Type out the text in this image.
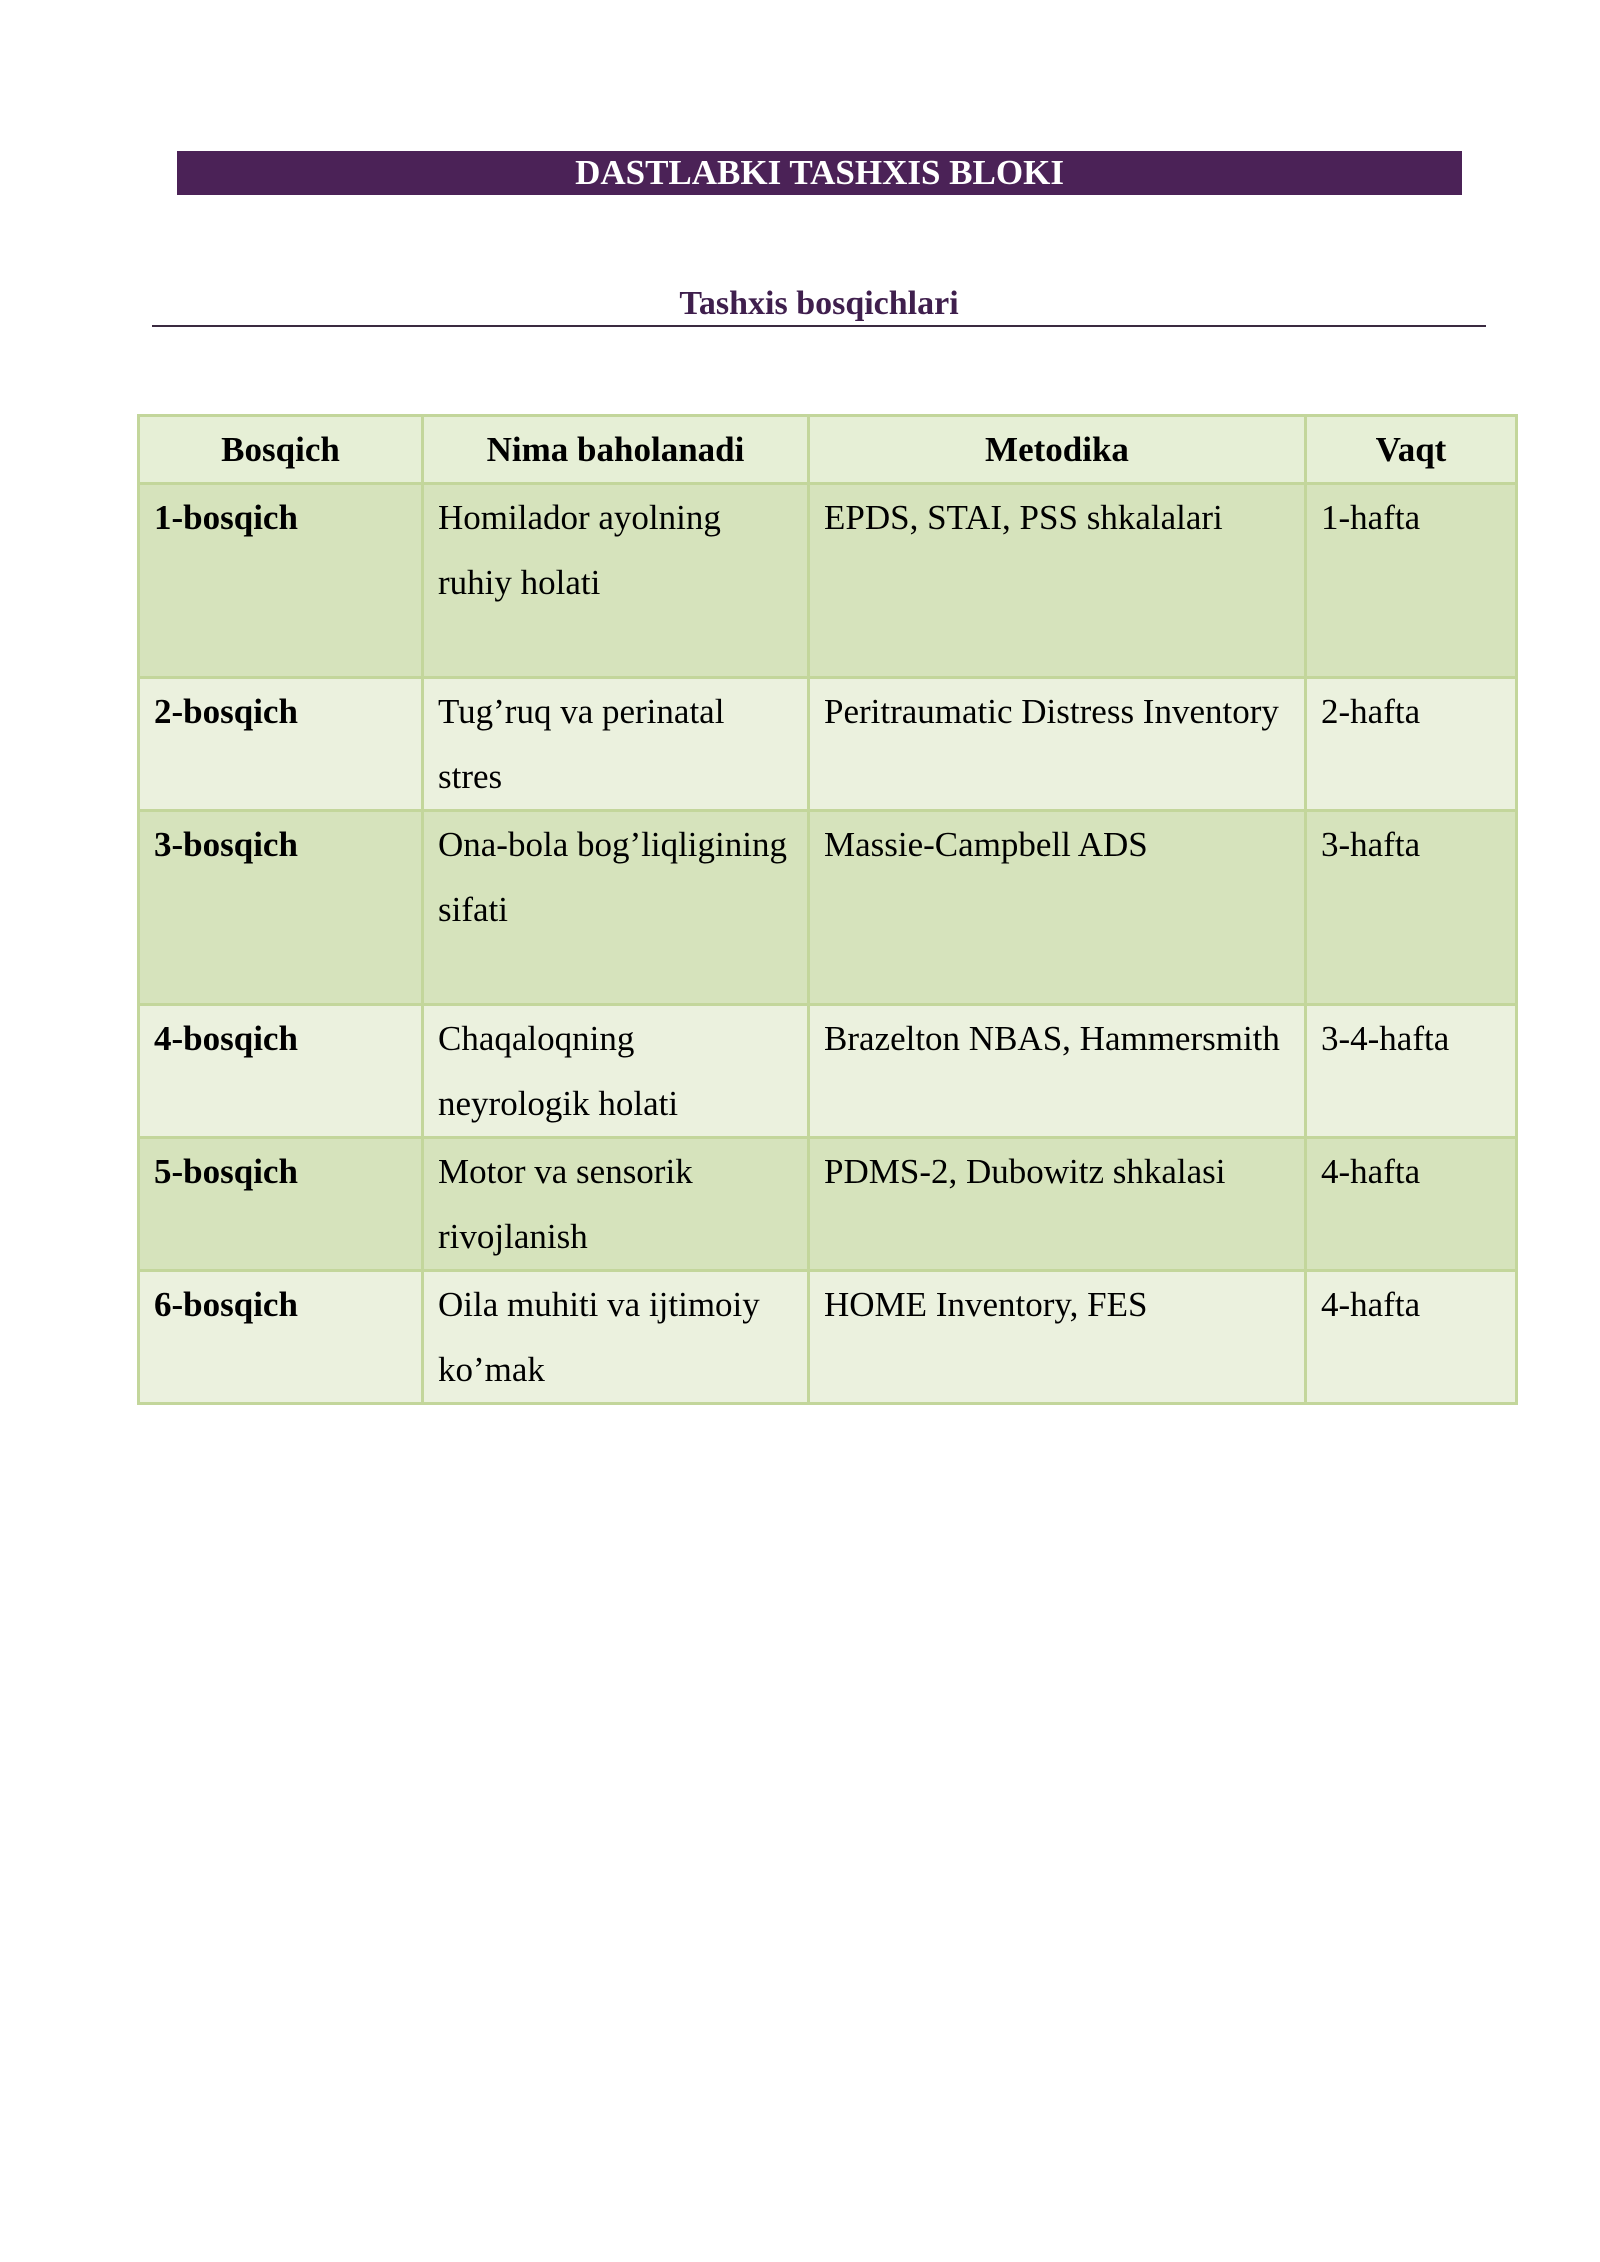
DASTLABKI TASHXIS BLOKI
Tashxis bosqichlari
Bosqich	Nima baholanadi	Metodika	Vaqt
1-bosqich	Homilador ayolning ruhiy holati	EPDS, STAI, PSS shkalalari	1-hafta
2-bosqich	Tug’ruq va perinatal stres	Peritraumatic Distress Inventory	2-hafta
3-bosqich	Ona-bola bog’liqligining sifati	Massie-Campbell ADS	3-hafta
4-bosqich	Chaqaloqning neyrologik holati	Brazelton NBAS, Hammersmith	3-4-hafta
5-bosqich	Motor va sensorik rivojlanish	PDMS-2, Dubowitz shkalasi	4-hafta
6-bosqich	Oila muhiti va ijtimoiy ko’mak	HOME Inventory, FES	4-hafta
